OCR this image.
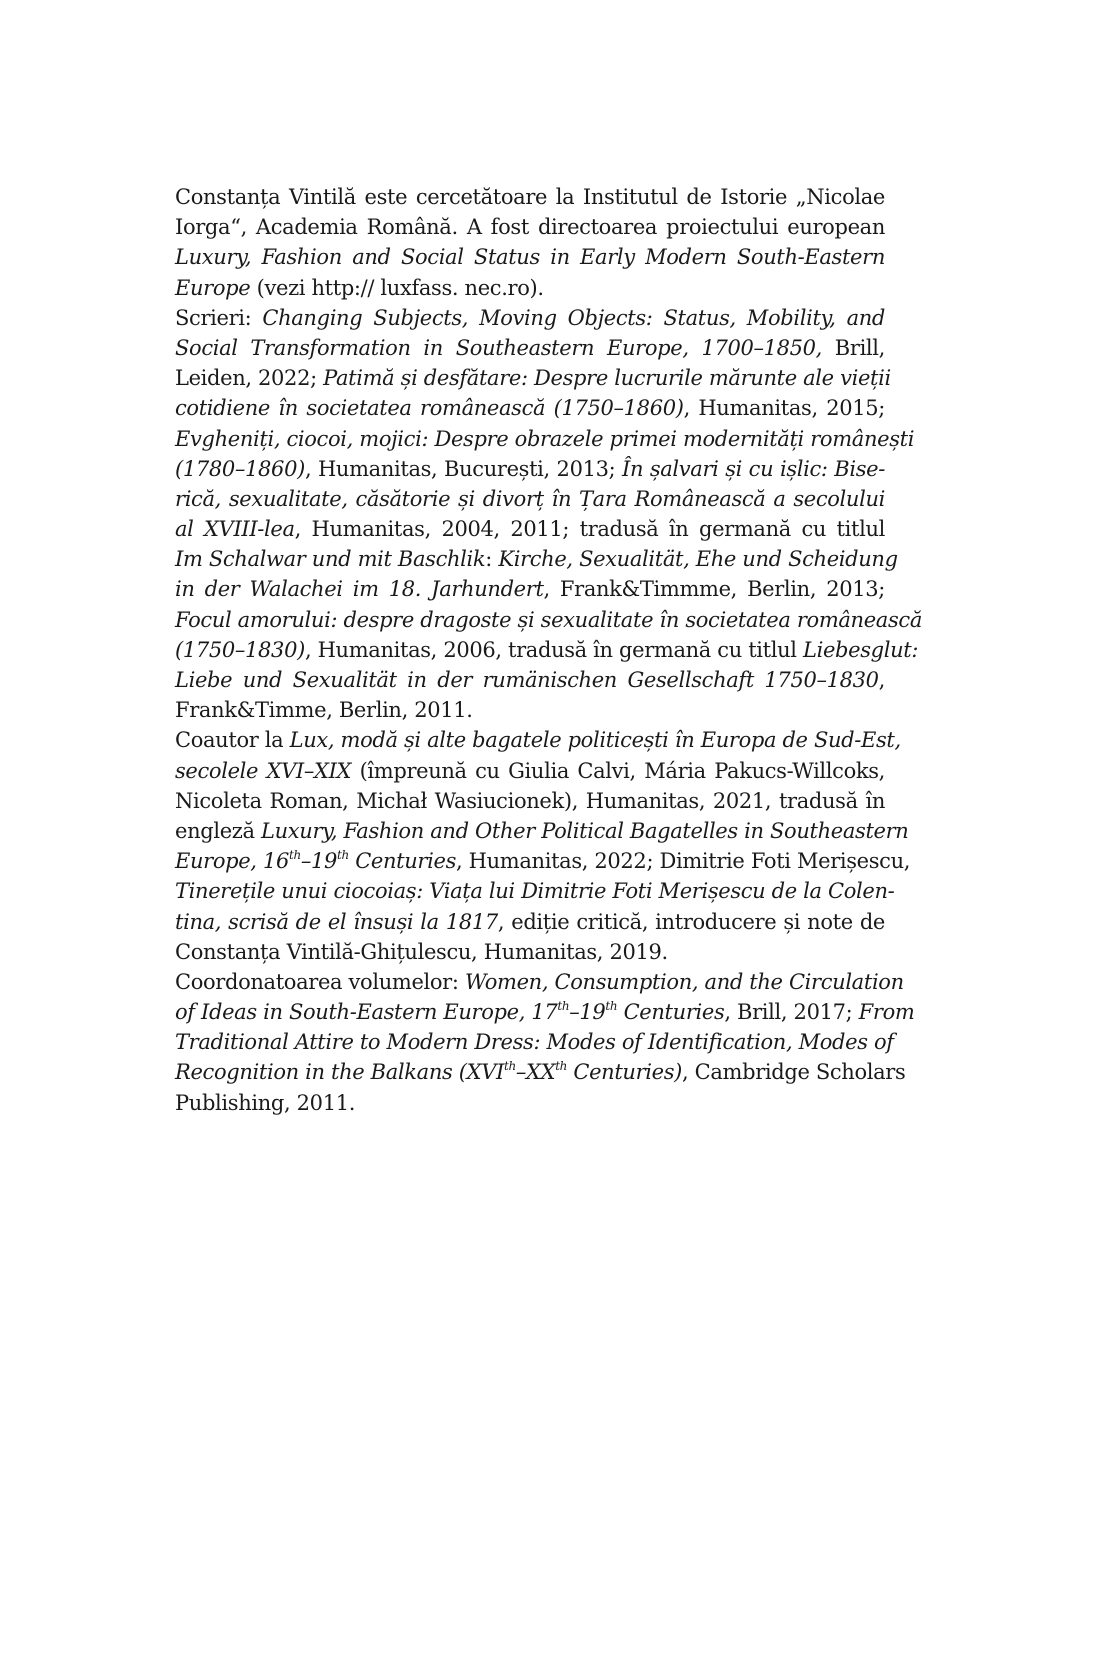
Constanța Vintilă este cercetătoare la Institutul de Istorie „Nicolae
Iorga“, Academia Română. A fost directoarea proiectului european
Luxury, Fashion and Social Status in Early Modern South-Eastern
Europe (vezi http:// luxfass. nec.ro).
Scrieri: Changing Subjects, Moving Objects: Status, Mobility, and
Social Transformation in Southeastern Europe, 1700–1850, Brill,
Leiden, 2022; Patimă și desfătare: Despre lucrurile mărunte ale vieții
cotidiene în societatea românească (1750–1860), Humanitas, 2015;
Evgheniți, ciocoi, mojici: Despre obrazele primei modernități românești
(1780–1860), Humanitas, București, 2013; În șalvari și cu ișlic: Bise-
rică, sexualitate, căsătorie și divorț în Țara Românească a secolului
al XVIII-lea, Humanitas, 2004, 2011; tradusă în germană cu titlul
Im Schalwar und mit Baschlik: Kirche, Sexualität, Ehe und Scheidung
in der Walachei im 18. Jarhundert, Frank&Timmme, Berlin, 2013;
Focul amorului: despre dragoste și sexualitate în societatea românească
(1750–1830), Humanitas, 2006, tradusă în germană cu titlul Liebesglut:
Liebe und Sexualität in der rumänischen Gesellschaft 1750–1830,
Frank&Timme, Berlin, 2011.
Coautor la Lux, modă și alte bagatele politicești în Europa de Sud-Est,
secolele XVI–XIX (împreună cu Giulia Calvi, Mária Pakucs-Willcoks,
Nicoleta Roman, Michał Wasiucionek), Humanitas, 2021, tradusă în
engleză Luxury, Fashion and Other Political Bagatelles in Southeastern
Europe, 16th–19th Centuries, Humanitas, 2022; Dimitrie Foti Merișescu,
Tinerețile unui ciocoiaș: Viața lui Dimitrie Foti Merișescu de la Colen-
tina, scrisă de el însuși la 1817, ediție critică, introducere și note de
Constanța Vintilă-Ghițulescu, Humanitas, 2019.
Coordonatoarea volumelor: Women, Consumption, and the Circulation
of Ideas in South-Eastern Europe, 17th–19th Centuries, Brill, 2017; From
Traditional Attire to Modern Dress: Modes of Identification, Modes of
Recognition in the Balkans (XVIth–XXth Centuries), Cambridge Scholars
Publishing, 2011.
